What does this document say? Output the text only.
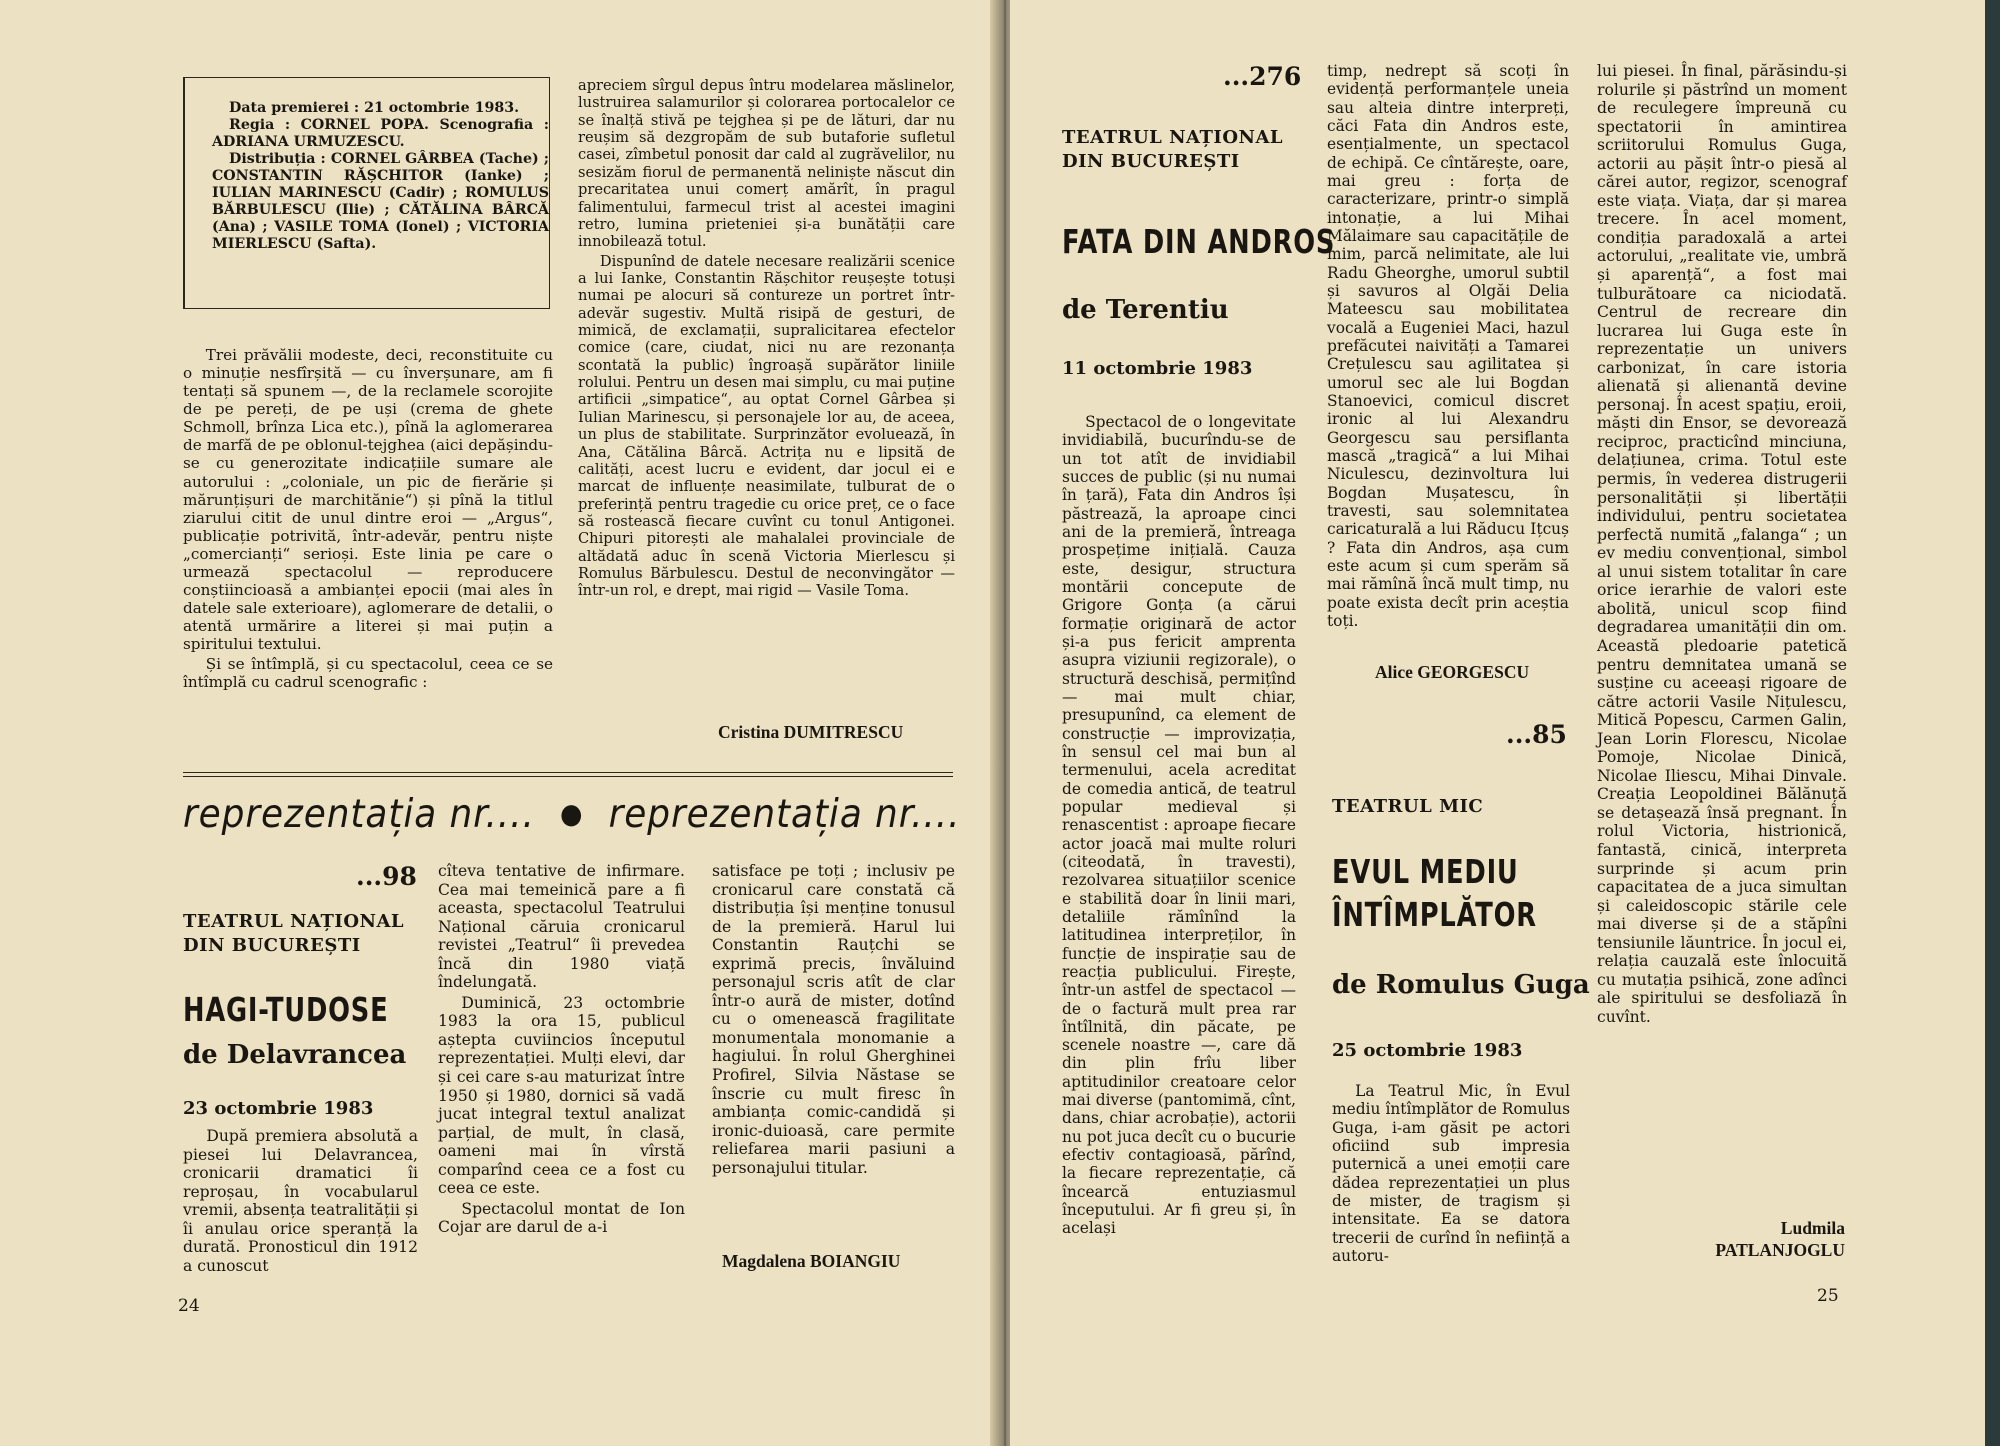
Data premierei : 21 octombrie 1983.
Regia : CORNEL POPA. Scenografia : ADRIANA URMUZESCU.
Distribuția : CORNEL GÂRBEA (Tache) ; CONSTANTIN RĂȘCHITOR (Ianke) ; IULIAN MARINESCU (Cadir) ; ROMULUS BĂRBULESCU (Ilie) ; CĂTĂLINA BÂRCĂ (Ana) ; VASILE TOMA (Ionel) ; VICTORIA MIERLESCU (Safta).

Trei prăvălii modeste, deci, reconstituite cu o minuție nesfîrșită — cu înverșunare, am fi tentați să spunem —, de la reclamele scorojite de pe pereți, de pe uși (crema de ghete Schmoll, brînza Lica etc.), pînă la aglomerarea de marfă de pe oblonul-tejghea (aici depășindu-se cu generozitate indicațiile sumare ale autorului : „coloniale, un pic de fierărie și mărunțișuri de marchitănie“) și pînă la titlul ziarului citit de unul dintre eroi — „Argus“, publicație potrivită, într-adevăr, pentru niște „comercianți“ serioși. Este linia pe care o urmează spectacolul — reproducere conștiincioasă a ambianței epocii (mai ales în datele sale exterioare), aglomerare de detalii, o atentă urmărire a literei și mai puțin a spiritului textului.

Și se întîmplă, și cu spectacolul, ceea ce se întîmplă cu cadrul scenografic :

apreciem sîrgul depus întru modelarea măslinelor, lustruirea salamurilor și colorarea portocalelor ce se înalță stivă pe tejghea și pe de lături, dar nu reușim să dezgropăm de sub butaforie sufletul casei, zîmbetul ponosit dar cald al zugrăvelilor, nu sesizăm fiorul de permanentă neliniște născut din precaritatea unui comerț amărît, în pragul falimentului, farmecul trist al acestei imagini retro, lumina prieteniei și-a bunătății care innobilează totul.

Dispunînd de datele necesare realizării scenice a lui Ianke, Constantin Rășchitor reușește totuși numai pe alocuri să contureze un portret într-adevăr sugestiv. Multă risipă de gesturi, de mimică, de exclamații, supralicitarea efectelor comice (care, ciudat, nici nu are rezonanța scontată la public) îngroașă supărător liniile rolului. Pentru un desen mai simplu, cu mai puține artificii „simpatice“, au optat Cornel Gârbea și Iulian Marinescu, și personajele lor au, de aceea, un plus de stabilitate. Surprinzător evoluează, în Ana, Cătălina Bârcă. Actrița nu e lipsită de calități, acest lucru e evident, dar jocul ei e marcat de influențe neasimilate, tulburat de o preferință pentru tragedie cu orice preț, ce o face să rostească fiecare cuvînt cu tonul Antigonei. Chipuri pitorești ale mahalalei provinciale de altădată aduc în scenă Victoria Mierlescu și Romulus Bărbulescu. Destul de neconvingător — într-un rol, e drept, mai rigid — Vasile Toma.

Cristina DUMITRESCU
reprezentația nr.... ● reprezentația nr....
...98
TEATRUL NAȚIONAL
DIN BUCUREȘTI
HAGI-TUDOSE
de Delavrancea
23 octombrie 1983

După premiera absolută a piesei lui Delavrancea, cronicarii dramatici îi reproșau, în vocabularul vremii, absența teatralității și îi anulau orice speranță la durată. Pronosticul din 1912 a cunoscut

cîteva tentative de infirmare. Cea mai temeinică pare a fi aceasta, spectacolul Teatrului Național căruia cronicarul revistei „Teatrul“ îi prevedea încă din 1980 viață îndelungată.

Duminică, 23 octombrie 1983 la ora 15, publicul aștepta cuviincios începutul reprezentației. Mulți elevi, dar și cei care s-au maturizat între 1950 și 1980, dornici să vadă jucat integral textul analizat parțial, de mult, în clasă, oameni mai în vîrstă comparînd ceea ce a fost cu ceea ce este.

Spectacolul montat de Ion Cojar are darul de a-i

satisface pe toți ; inclusiv pe cronicarul care constată că distribuția își menține tonusul de la premieră. Harul lui Constantin Rauțchi se exprimă precis, învăluind personajul scris atît de clar într-o aură de mister, dotînd cu o omenească fragilitate monumentala monomanie a hagiului. În rolul Gherghinei Profirel, Silvia Năstase se înscrie cu mult firesc în ambianța comic-candidă și ironic-duioasă, care permite reliefarea marii pasiuni a personajului titular.

Magdalena BOIANGIU
24
...276
TEATRUL NAȚIONAL
DIN BUCUREȘTI
FATA DIN ANDROS
de Terentiu
11 octombrie 1983

Spectacol de o longevitate invidiabilă, bucurîndu-se de un tot atît de invidiabil succes de public (și nu numai în țară), Fata din Andros își păstrează, la aproape cinci ani de la premieră, întreaga prospețime inițială. Cauza este, desigur, structura montării concepute de Grigore Gonța (a cărui formație originară de actor și-a pus fericit amprenta asupra viziunii regizorale), o structură deschisă, permițînd — mai mult chiar, presupunînd, ca element de construcție — improvizația, în sensul cel mai bun al termenului, acela acreditat de comedia antică, de teatrul popular medieval și renascentist : aproape fiecare actor joacă mai multe roluri (citeodată, în travesti), rezolvarea situațiilor scenice e stabilită doar în linii mari, detaliile rămînînd la latitudinea interpreților, în funcție de inspirație sau de reacția publicului. Firește, într-un astfel de spectacol — de o factură mult prea rar întîlnită, din păcate, pe scenele noastre —, care dă din plin frîu liber aptitudinilor creatoare celor mai diverse (pantomimă, cînt, dans, chiar acrobație), actorii nu pot juca decît cu o bucurie efectiv contagioasă, părînd, la fiecare reprezentație, că încearcă entuziasmul începutului. Ar fi greu și, în același

timp, nedrept să scoți în evidență performanțele uneia sau alteia dintre interpreți, căci Fata din Andros este, esențialmente, un spectacol de echipă. Ce cîntărește, oare, mai greu : forța de caracterizare, printr-o simplă intonație, a lui Mihai Mălaimare sau capacitățile de mim, parcă nelimitate, ale lui Radu Gheorghe, umorul subtil și savuros al Olgăi Delia Mateescu sau mobilitatea vocală a Eugeniei Maci, hazul prefăcutei naivități a Tamarei Crețulescu sau agilitatea și umorul sec ale lui Bogdan Stanoevici, comicul discret ironic al lui Alexandru Georgescu sau persiflanta mască „tragică“ a lui Mihai Niculescu, dezinvoltura lui Bogdan Mușatescu, în travesti, sau solemnitatea caricaturală a lui Răducu Ițcuș ? Fata din Andros, așa cum este acum și cum sperăm să mai rămînă încă mult timp, nu poate exista decît prin aceștia toți.

Alice GEORGESCU
...85
TEATRUL MIC
EVUL MEDIU
ÎNTÎMPLĂTOR
de Romulus Guga
25 octombrie 1983

La Teatrul Mic, în Evul mediu întîmplător de Romulus Guga, i-am găsit pe actori oficiind sub impresia puternică a unei emoții care dădea reprezentației un plus de mister, de tragism și intensitate. Ea se datora trecerii de curînd în neființă a autoru-

lui piesei. În final, părăsindu-și rolurile și păstrînd un moment de reculegere împreună cu spectatorii în amintirea scriitorului Romulus Guga, actorii au pășit într-o piesă al cărei autor, regizor, scenograf este viața. Viața, dar și marea trecere. În acel moment, condiția paradoxală a artei actorului, „realitate vie, umbră și aparență“, a fost mai tulburătoare ca niciodată. Centrul de recreare din lucrarea lui Guga este în reprezentație un univers carbonizat, în care istoria alienată și alienantă devine personaj. În acest spațiu, eroii, măști din Ensor, se devorează reciproc, practicînd minciuna, delațiunea, crima. Totul este permis, în vederea distrugerii personalității și libertății individului, pentru societatea perfectă numită „falanga“ ; un ev mediu convențional, simbol al unui sistem totalitar în care orice ierarhie de valori este abolită, unicul scop fiind degradarea umanității din om. Această pledoarie patetică pentru demnitatea umană se susține cu aceeași rigoare de către actorii Vasile Nițulescu, Mitică Popescu, Carmen Galin, Jean Lorin Florescu, Nicolae Pomoje, Nicolae Dinică, Nicolae Iliescu, Mihai Dinvale. Creația Leopoldinei Bălănuță se detașează însă pregnant. În rolul Victoria, histrionică, fantastă, cinică, interpreta surprinde și acum prin capacitatea de a juca simultan și caleidoscopic stările cele mai diverse și de a stăpîni tensiunile lăuntrice. În jocul ei, relația cauzală este înlocuită cu mutația psihică, zone adînci ale spiritului se desfoliază în cuvînt.

Ludmila
PATLANJOGLU
25
